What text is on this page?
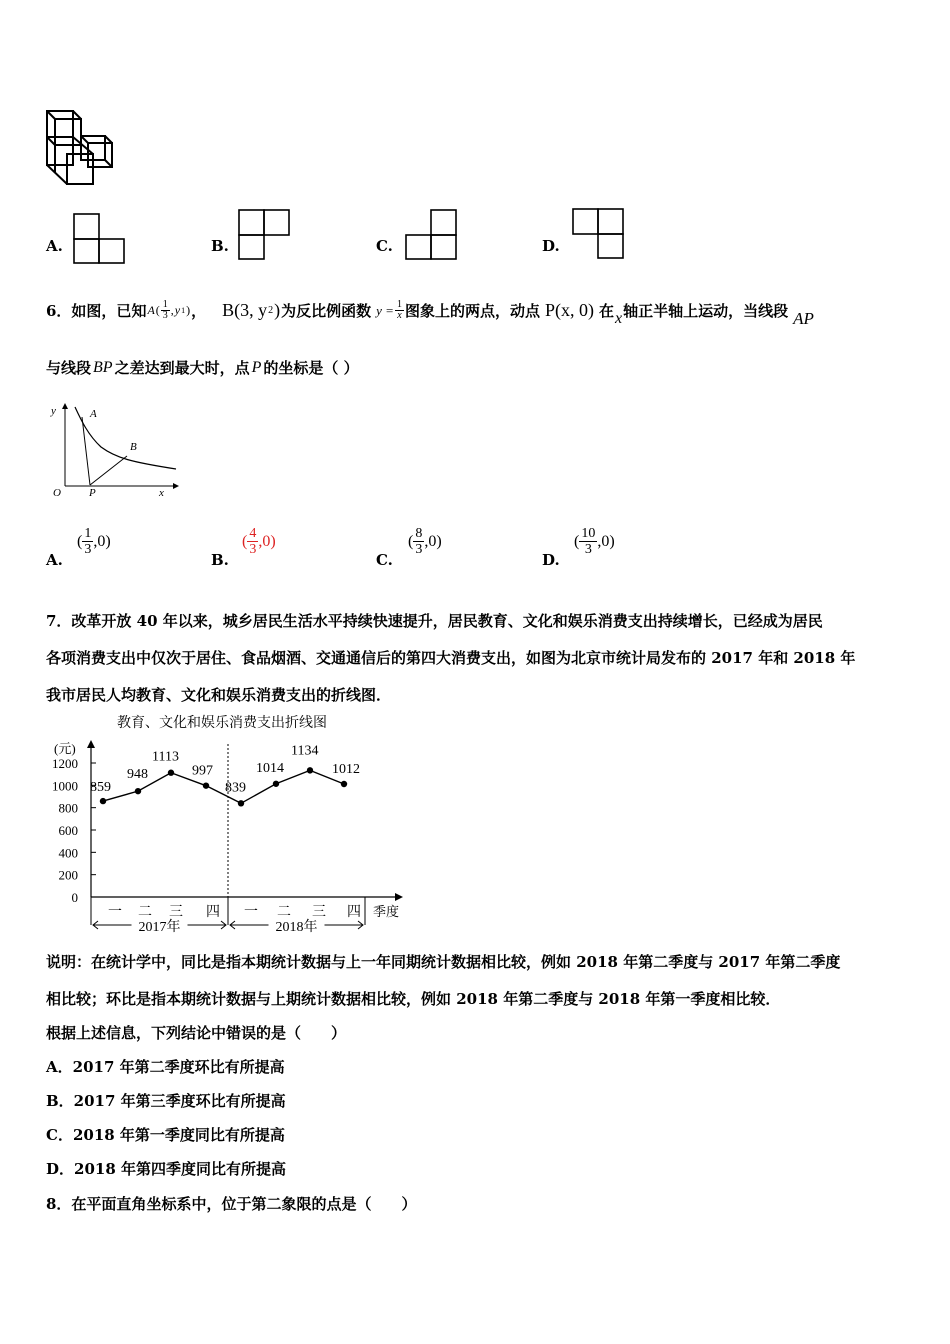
A.	B.	C.	D.
6．如图，已知 A ( $\frac{1}{3}$ , y 1 ) ， B(3, y 2 ) 为反比例函数 $y = \frac{1}{x}$ 图象上的两点，动点 P(x, 0) 在 x 轴正半轴上运动，当线段 AP
与线段 BP 之差达到最大时，点 P 的坐标是（ ）
y	A
B
O	P	x
A.
( $\frac{1}{3} ,0$)
B.
( $\frac{4}{3} ,0$)
C.
( $\frac{8}{3} ,0$)
D.
( $\frac{10}{3} ,0$)
7．改革开放 40 年以来，城乡居民生活水平持续快速提升，居民教育、文化和娱乐消费支出持续增长，已经成为居民
各项消费支出中仅次于居住、食品烟酒、交通通信后的第四大消费支出，如图为北京市统计局发布的 2017 年和 2018 年
我市居民人均教育、文化和娱乐消费支出的折线图．
教育、文化和娱乐消费支出折线图
(元)
季度
1200
1000
800
600
400
200
0
859
948
1113
997
839
1014
1134
1012
一 二 三 四 一 二 三 四
2017年	2018年
说明：在统计学中，同比是指本期统计数据与上一年同期统计数据相比较，例如 2018 年第二季度与 2017 年第二季度
相比较；环比是指本期统计数据与上期统计数据相比较，例如 2018 年第二季度与 2018 年第一季度相比较．
根据上述信息，下列结论中错误的是（　　）
A．2017 年第二季度环比有所提高
B．2017 年第三季度环比有所提高
C．2018 年第一季度同比有所提高
D．2018 年第四季度同比有所提高
8．在平面直角坐标系中，位于第二象限的点是（　　）
